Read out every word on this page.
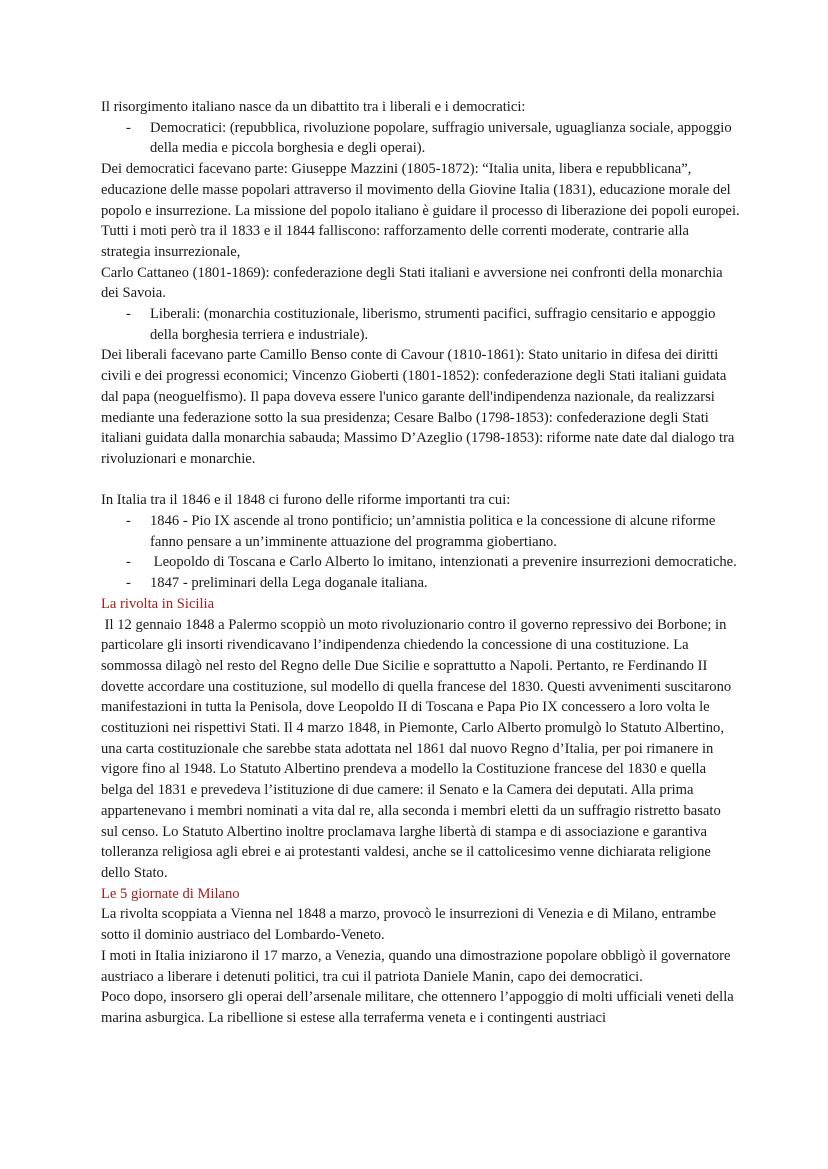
Il risorgimento italiano nasce da un dibattito tra i liberali e i democratici:

- Democratici: (repubblica, rivoluzione popolare, suffragio universale, uguaglianza sociale, appoggio della media e piccola borghesia e degli operai).

Dei democratici facevano parte: Giuseppe Mazzini (1805-1872): “Italia unita, libera e repubblicana”, educazione delle masse popolari attraverso il movimento della Giovine Italia (1831), educazione morale del popolo e insurrezione. La missione del popolo italiano è guidare il processo di liberazione dei popoli europei. Tutti i moti però tra il 1833 e il 1844 falliscono: rafforzamento delle correnti moderate, contrarie alla strategia insurrezionale,

Carlo Cattaneo (1801-1869): confederazione degli Stati italiani e avversione nei confronti della monarchia dei Savoia.

- Liberali: (monarchia costituzionale, liberismo, strumenti pacifici, suffragio censitario e appoggio della borghesia terriera e industriale).

Dei liberali facevano parte Camillo Benso conte di Cavour (1810-1861): Stato unitario in difesa dei diritti civili e dei progressi economici; Vincenzo Gioberti (1801-1852): confederazione degli Stati italiani guidata dal papa (neoguelfismo). Il papa doveva essere l'unico garante dell'indipendenza nazionale, da realizzarsi mediante una federazione sotto la sua presidenza; Cesare Balbo (1798-1853): confederazione degli Stati italiani guidata dalla monarchia sabauda; Massimo D’Azeglio (1798-1853): riforme nate date dal dialogo tra rivoluzionari e monarchie.

In Italia tra il 1846 e il 1848 ci furono delle riforme importanti tra cui:

- 1846 - Pio IX ascende al trono pontificio; un’amnistia politica e la concessione di alcune riforme fanno pensare a un’imminente attuazione del programma giobertiano.
- Leopoldo di Toscana e Carlo Alberto lo imitano, intenzionati a prevenire insurrezioni democratiche.
- 1847 - preliminari della Lega doganale italiana.

La rivolta in Sicilia

Il 12 gennaio 1848 a Palermo scoppiò un moto rivoluzionario contro il governo repressivo dei Borbone; in particolare gli insorti rivendicavano l’indipendenza chiedendo la concessione di una costituzione. La sommossa dilagò nel resto del Regno delle Due Sicilie e soprattutto a Napoli. Pertanto, re Ferdinando II dovette accordare una costituzione, sul modello di quella francese del 1830. Questi avvenimenti suscitarono manifestazioni in tutta la Penisola, dove Leopoldo II di Toscana e Papa Pio IX concessero a loro volta le costituzioni nei rispettivi Stati. Il 4 marzo 1848, in Piemonte, Carlo Alberto promulgò lo Statuto Albertino, una carta costituzionale che sarebbe stata adottata nel 1861 dal nuovo Regno d’Italia, per poi rimanere in vigore fino al 1948. Lo Statuto Albertino prendeva a modello la Costituzione francese del 1830 e quella belga del 1831 e prevedeva l’istituzione di due camere: il Senato e la Camera dei deputati. Alla prima appartenevano i membri nominati a vita dal re, alla seconda i membri eletti da un suffragio ristretto basato sul censo. Lo Statuto Albertino inoltre proclamava larghe libertà di stampa e di associazione e garantiva tolleranza religiosa agli ebrei e ai protestanti valdesi, anche se il cattolicesimo venne dichiarata religione dello Stato.

Le 5 giornate di Milano

La rivolta scoppiata a Vienna nel 1848 a marzo, provocò le insurrezioni di Venezia e di Milano, entrambe sotto il dominio austriaco del Lombardo-Veneto.

I moti in Italia iniziarono il 17 marzo, a Venezia, quando una dimostrazione popolare obbligò il governatore austriaco a liberare i detenuti politici, tra cui il patriota Daniele Manin, capo dei democratici.

Poco dopo, insorsero gli operai dell’arsenale militare, che ottennero l’appoggio di molti ufficiali veneti della marina asburgica. La ribellione si estese alla terraferma veneta e i contingenti austriaci
